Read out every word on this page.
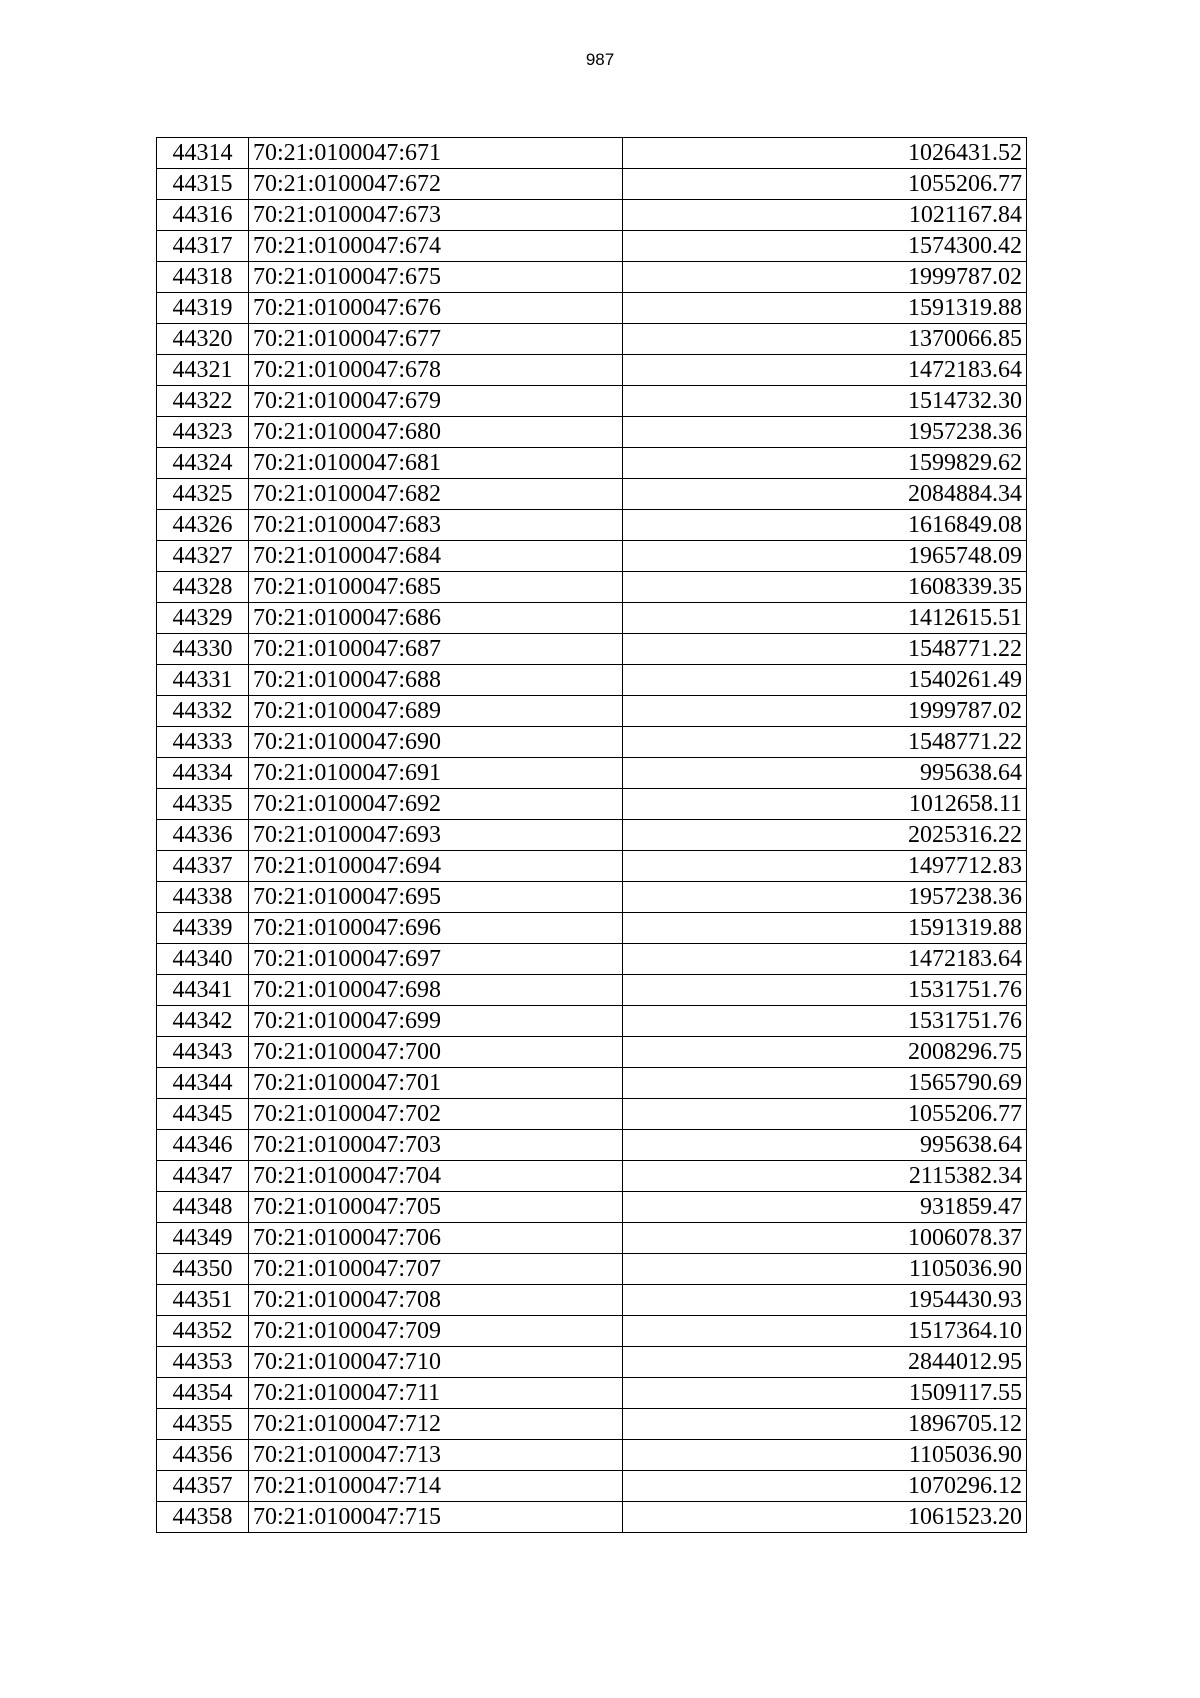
987
44314	70:21:0100047:671	1026431.52
44315	70:21:0100047:672	1055206.77
44316	70:21:0100047:673	1021167.84
44317	70:21:0100047:674	1574300.42
44318	70:21:0100047:675	1999787.02
44319	70:21:0100047:676	1591319.88
44320	70:21:0100047:677	1370066.85
44321	70:21:0100047:678	1472183.64
44322	70:21:0100047:679	1514732.30
44323	70:21:0100047:680	1957238.36
44324	70:21:0100047:681	1599829.62
44325	70:21:0100047:682	2084884.34
44326	70:21:0100047:683	1616849.08
44327	70:21:0100047:684	1965748.09
44328	70:21:0100047:685	1608339.35
44329	70:21:0100047:686	1412615.51
44330	70:21:0100047:687	1548771.22
44331	70:21:0100047:688	1540261.49
44332	70:21:0100047:689	1999787.02
44333	70:21:0100047:690	1548771.22
44334	70:21:0100047:691	995638.64
44335	70:21:0100047:692	1012658.11
44336	70:21:0100047:693	2025316.22
44337	70:21:0100047:694	1497712.83
44338	70:21:0100047:695	1957238.36
44339	70:21:0100047:696	1591319.88
44340	70:21:0100047:697	1472183.64
44341	70:21:0100047:698	1531751.76
44342	70:21:0100047:699	1531751.76
44343	70:21:0100047:700	2008296.75
44344	70:21:0100047:701	1565790.69
44345	70:21:0100047:702	1055206.77
44346	70:21:0100047:703	995638.64
44347	70:21:0100047:704	2115382.34
44348	70:21:0100047:705	931859.47
44349	70:21:0100047:706	1006078.37
44350	70:21:0100047:707	1105036.90
44351	70:21:0100047:708	1954430.93
44352	70:21:0100047:709	1517364.10
44353	70:21:0100047:710	2844012.95
44354	70:21:0100047:711	1509117.55
44355	70:21:0100047:712	1896705.12
44356	70:21:0100047:713	1105036.90
44357	70:21:0100047:714	1070296.12
44358	70:21:0100047:715	1061523.20
